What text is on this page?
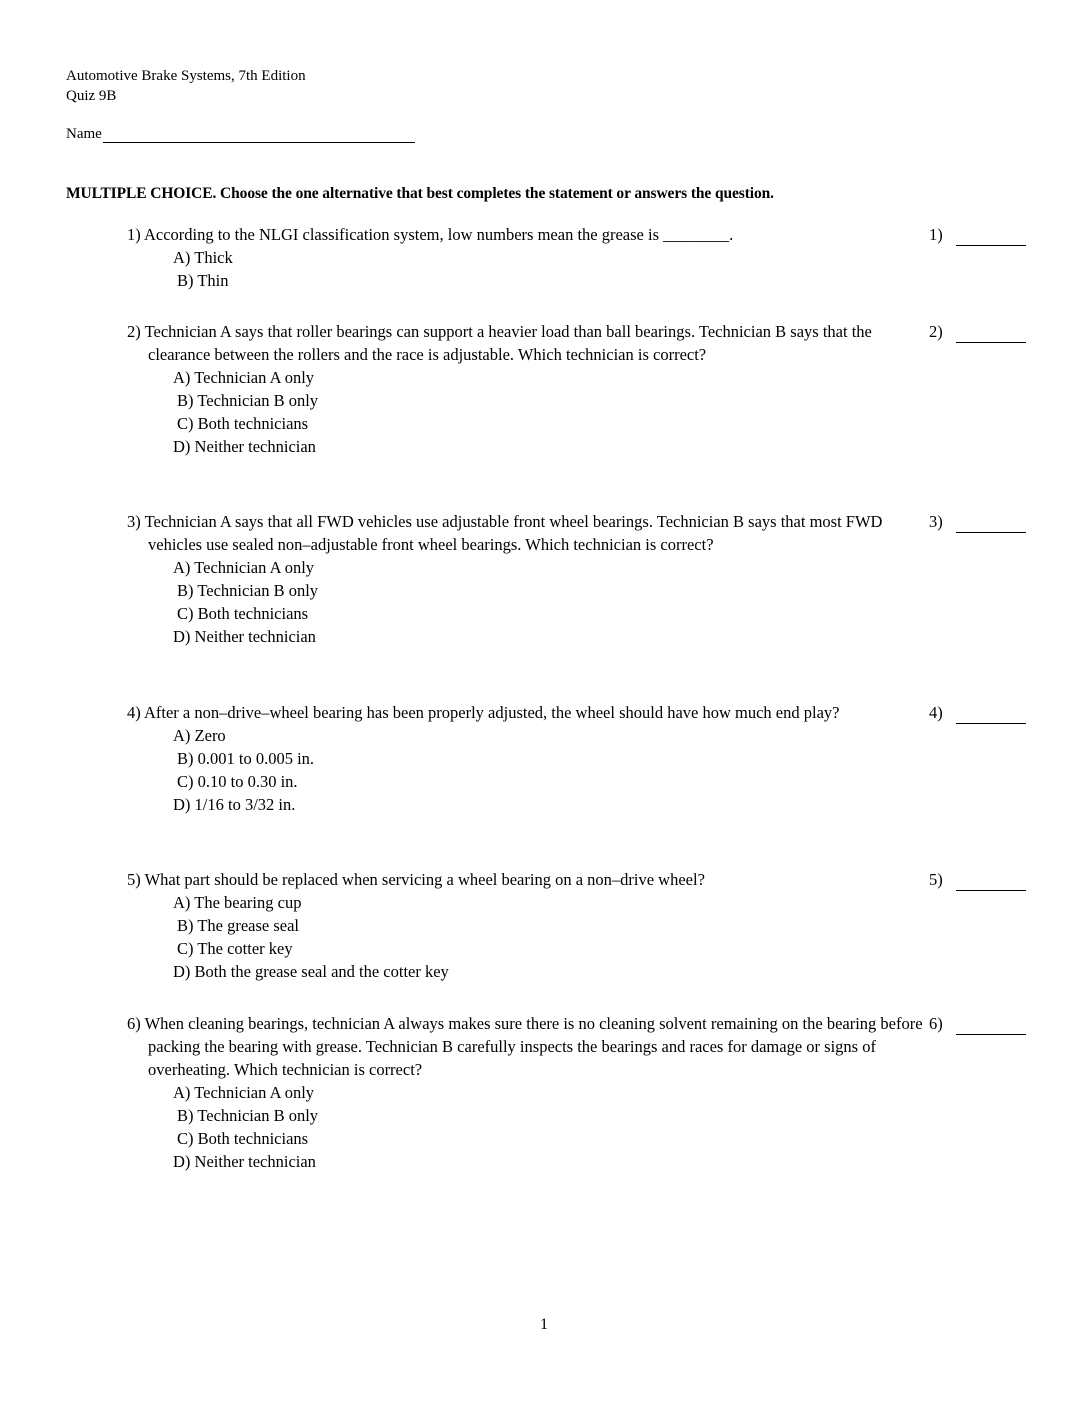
Automotive Brake Systems, 7th Edition
Quiz 9B
Name
MULTIPLE CHOICE. Choose the one alternative that best completes the statement or answers the question.
1) According to the NLGI classification system, low numbers mean the grease is ________.
A) Thick
B) Thin
1)
2) Technician A says that roller bearings can support a heavier load than ball bearings. Technician B says that the clearance between the rollers and the race is adjustable. Which technician is correct?
A) Technician A only
B) Technician B only
C) Both technicians
D) Neither technician
2)
3) Technician A says that all FWD vehicles use adjustable front wheel bearings. Technician B says that most FWD vehicles use sealed non–adjustable front wheel bearings. Which technician is correct?
A) Technician A only
B) Technician B only
C) Both technicians
D) Neither technician
3)
4) After a non–drive–wheel bearing has been properly adjusted, the wheel should have how much end play?
A) Zero
B) 0.001 to 0.005 in.
C) 0.10 to 0.30 in.
D) 1/16 to 3/32 in.
4)
5) What part should be replaced when servicing a wheel bearing on a non–drive wheel?
A) The bearing cup
B) The grease seal
C) The cotter key
D) Both the grease seal and the cotter key
5)
6) When cleaning bearings, technician A always makes sure there is no cleaning solvent remaining on the bearing before packing the bearing with grease. Technician B carefully inspects the bearings and races for damage or signs of overheating. Which technician is correct?
A) Technician A only
B) Technician B only
C) Both technicians
D) Neither technician
6)
1
